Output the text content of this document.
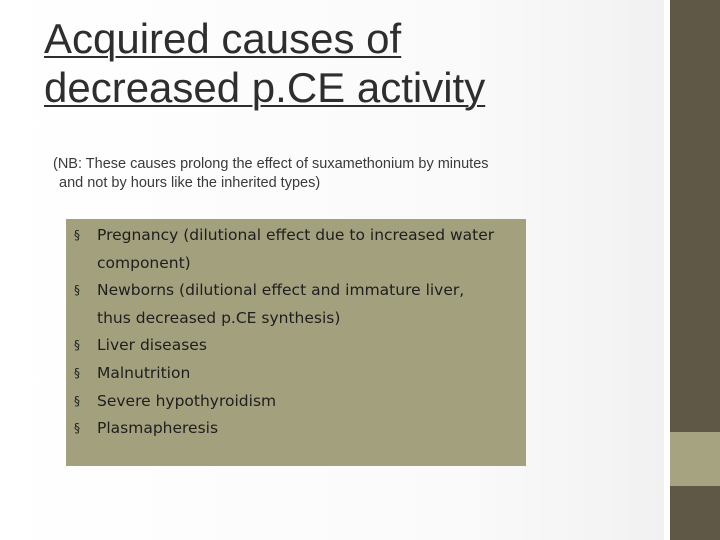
Acquired causes of
decreased p.CE activity
(NB: These causes prolong the effect of suxamethonium by minutes
and not by hours like the inherited types)
§ Pregnancy (dilutional effect due to increased water
component)
§ Newborns (dilutional effect and immature liver,
thus decreased p.CE synthesis)
§ Liver diseases
§ Malnutrition
§ Severe hypothyroidism
§ Plasmapheresis
